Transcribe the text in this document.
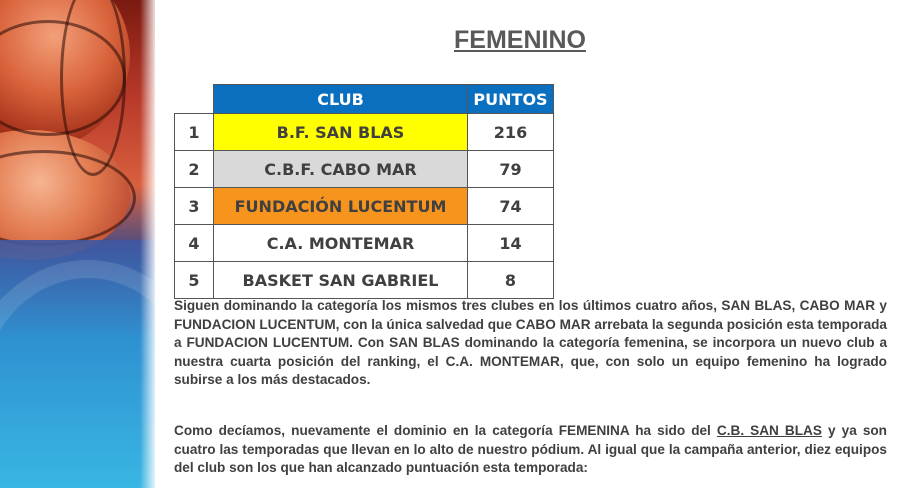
FEMENINO
	CLUB	PUNTOS
1	B.F. SAN BLAS	216
2	C.B.F. CABO MAR	79
3	FUNDACIÓN LUCENTUM	74
4	C.A. MONTEMAR	14
5	BASKET SAN GABRIEL	8

Siguen dominando la categoría los mismos tres clubes en los últimos cuatro años, SAN BLAS, CABO MAR y FUNDACION LUCENTUM, con la única salvedad que CABO MAR arrebata la segunda posición esta temporada a FUNDACION LUCENTUM. Con SAN BLAS dominando la categoría femenina, se incorpora un nuevo club a nuestra cuarta posición del ranking, el C.A. MONTEMAR, que, con solo un equipo femenino ha logrado subirse a los más destacados.

Como decíamos, nuevamente el dominio en la categoría FEMENINA ha sido del C.B. SAN BLAS y ya son cuatro las temporadas que llevan en lo alto de nuestro pódium. Al igual que la campaña anterior, diez equipos del club son los que han alcanzado puntuación esta temporada:
